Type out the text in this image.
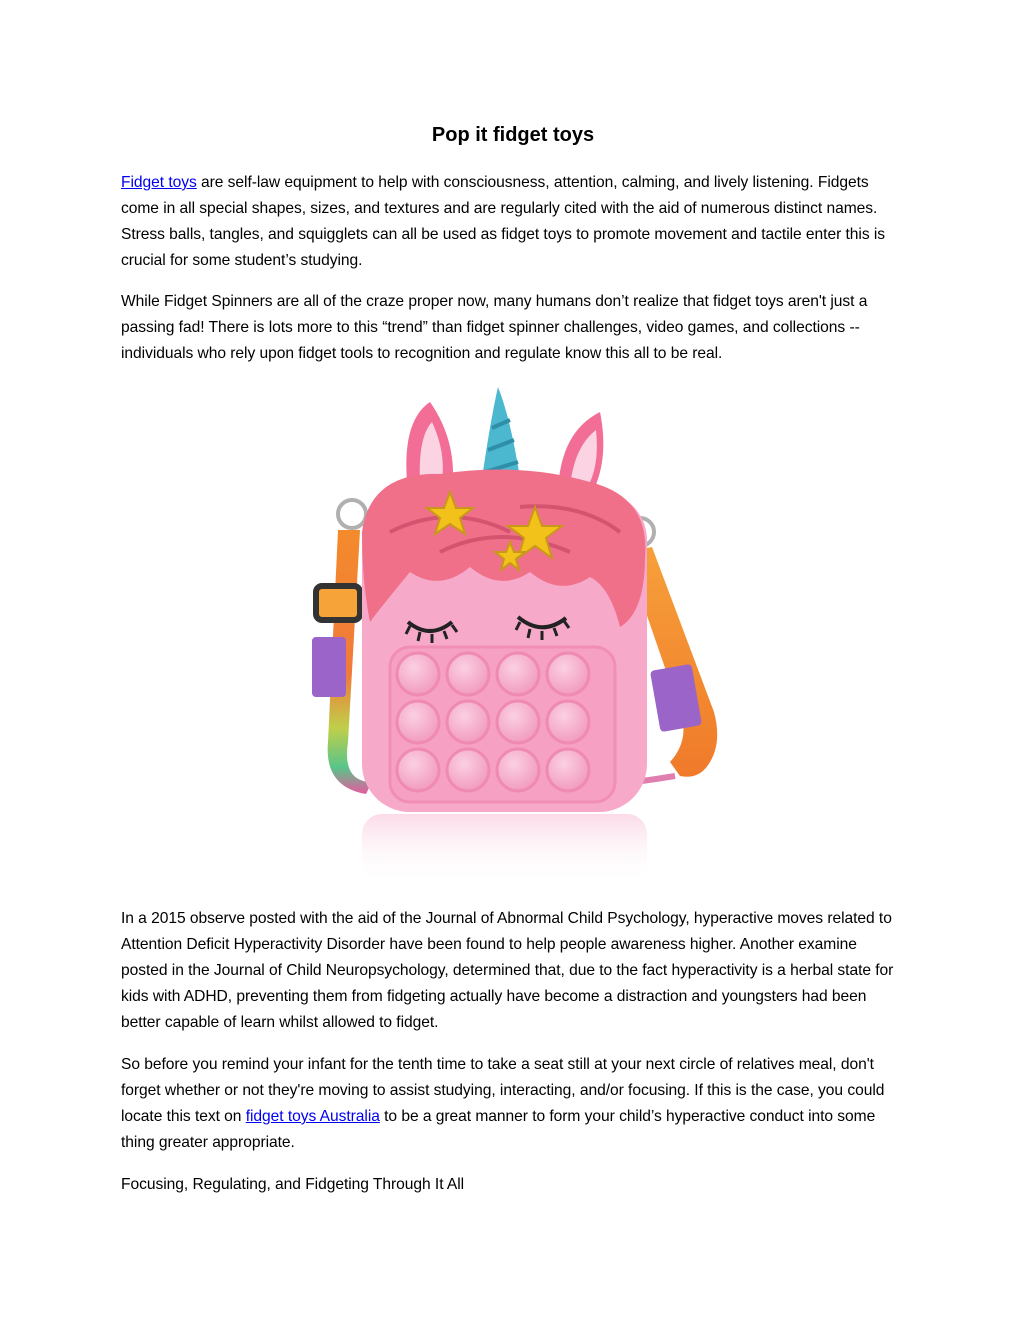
Pop it fidget toys

Fidget toys are self-law equipment to help with consciousness, attention, calming, and lively listening. Fidgets come in all special shapes, sizes, and textures and are regularly cited with the aid of numerous distinct names. Stress balls, tangles, and squigglets can all be used as fidget toys to promote movement and tactile enter this is crucial for some student’s studying.

While Fidget Spinners are all of the craze proper now, many humans don’t realize that fidget toys aren't just a passing fad! There is lots more to this “trend” than fidget spinner challenges, video games, and collections -- individuals who rely upon fidget tools to recognition and regulate know this all to be real.

In a 2015 observe posted with the aid of the Journal of Abnormal Child Psychology, hyperactive moves related to Attention Deficit Hyperactivity Disorder have been found to help people awareness higher. Another examine posted in the Journal of Child Neuropsychology, determined that, due to the fact hyperactivity is a herbal state for kids with ADHD, preventing them from fidgeting actually have become a distraction and youngsters had been better capable of learn whilst allowed to fidget.

So before you remind your infant for the tenth time to take a seat still at your next circle of relatives meal, don't forget whether or not they're moving to assist studying, interacting, and/or focusing. If this is the case, you could locate this text on fidget toys Australia to be a great manner to form your child’s hyperactive conduct into some thing greater appropriate.

Focusing, Regulating, and Fidgeting Through It All
